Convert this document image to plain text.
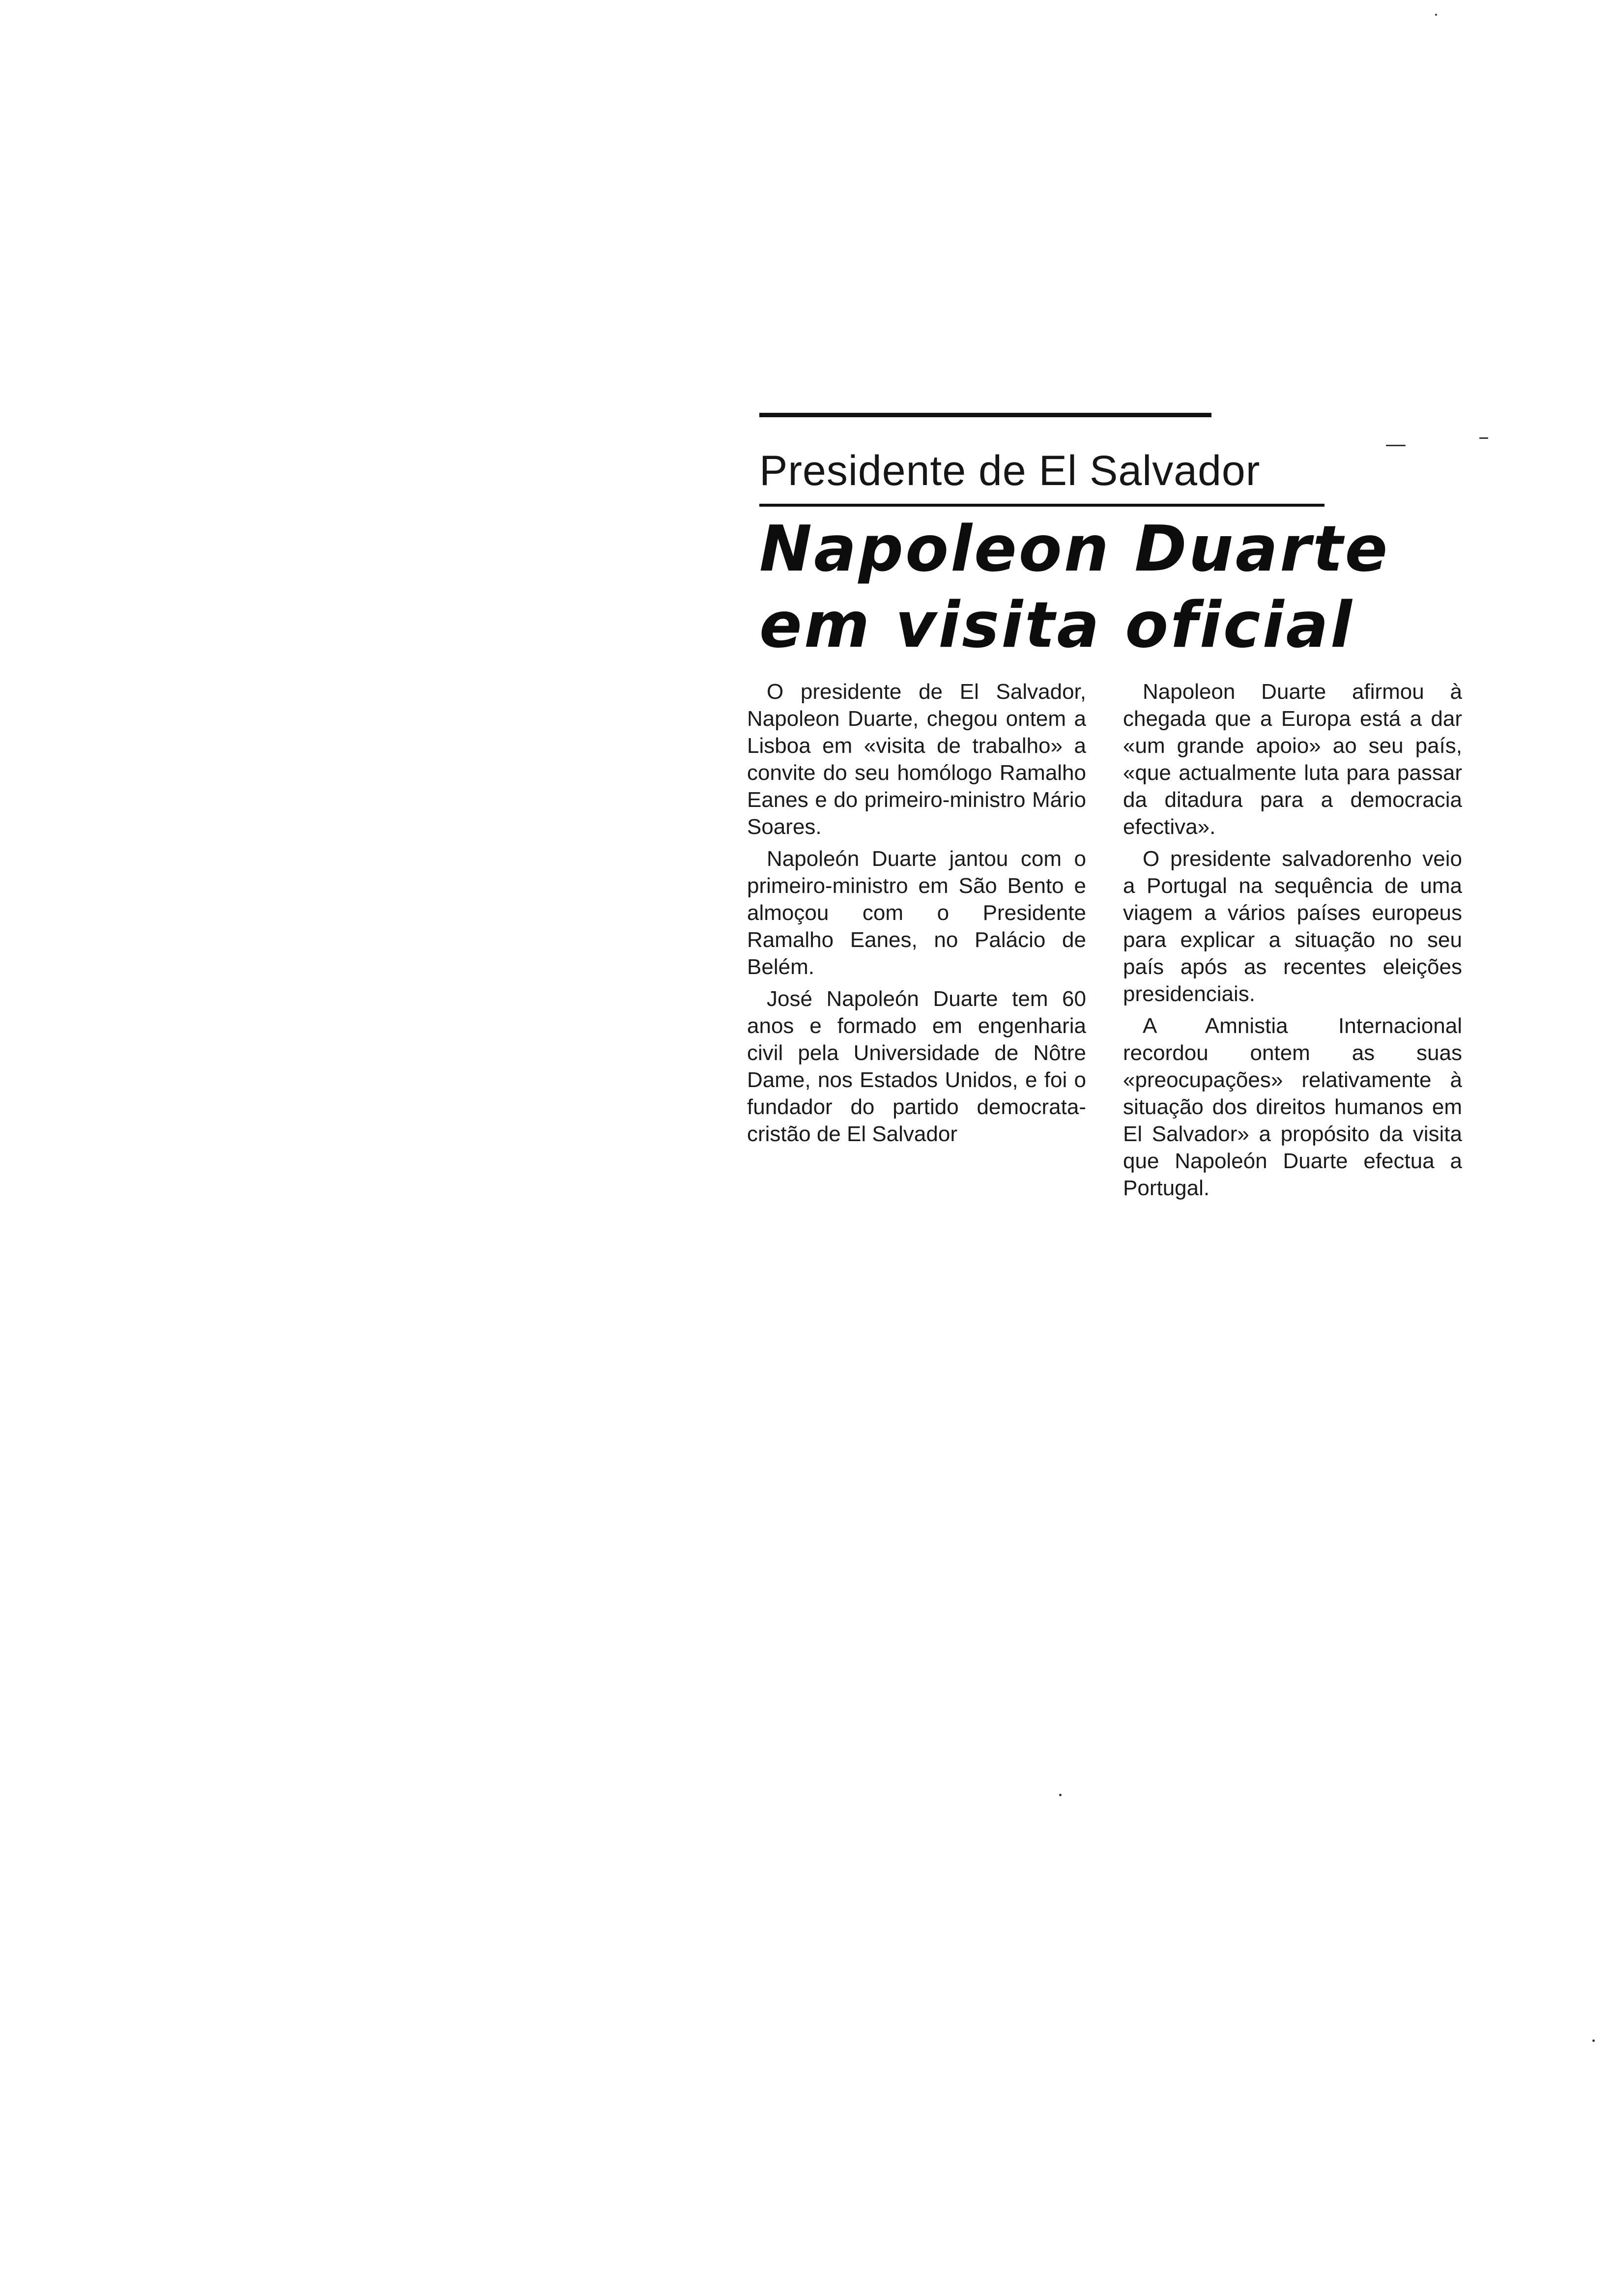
Presidente de El Salvador
Napoleon Duarte
em visita oficial

O presidente de El Salvador, Napoleon Duarte, chegou ontem a Lisboa em «visita de trabalho» a convite do seu homólogo Ramalho Eanes e do primeiro-ministro Mário Soares.

Napoleón Duarte jantou com o primeiro-ministro em São Bento e almoçou com o Presidente Ramalho Eanes, no Palácio de Belém.

José Napoleón Duarte tem 60 anos e formado em engenharia civil pela Universidade de Nôtre Dame, nos Estados Unidos, e foi o fundador do partido democrata-cristão de El Salvador

Napoleon Duarte afirmou à chegada que a Europa está a dar «um grande apoio» ao seu país, «que actualmente luta para passar da ditadura para a democracia efectiva».

O presidente salvadorenho veio a Portugal na sequência de uma viagem a vários países europeus para explicar a situação no seu país após as recentes eleições presidenciais.

A Amnistia Internacional recordou ontem as suas «preocupações» relativamente à situação dos direitos humanos em El Salvador» a propósito da visita que Napoleón Duarte efectua a Portugal.
